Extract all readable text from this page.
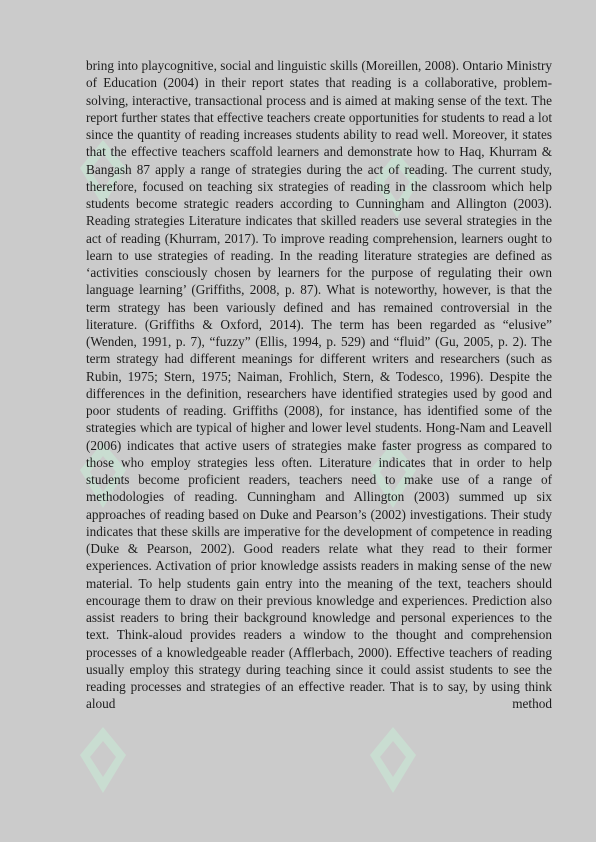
bring into playcognitive, social and linguistic skills (Moreillen, 2008). Ontario Ministry of Education (2004) in their report states that reading is a collaborative, problem-solving, interactive, transactional process and is aimed at making sense of the text. The report further states that effective teachers create opportunities for students to read a lot since the quantity of reading increases students ability to read well. Moreover, it states that the effective teachers scaffold learners and demonstrate how to Haq, Khurram & Bangash 87 apply a range of strategies during the act of reading. The current study, therefore, focused on teaching six strategies of reading in the classroom which help students become strategic readers according to Cunningham and Allington (2003). Reading strategies Literature indicates that skilled readers use several strategies in the act of reading (Khurram, 2017). To improve reading comprehension, learners ought to learn to use strategies of reading. In the reading literature strategies are defined as ‘activities consciously chosen by learners for the purpose of regulating their own language learning’ (Griffiths, 2008, p. 87). What is noteworthy, however, is that the term strategy has been variously defined and has remained controversial in the literature. (Griffiths & Oxford, 2014). The term has been regarded as “elusive” (Wenden, 1991, p. 7), “fuzzy” (Ellis, 1994, p. 529) and “fluid” (Gu, 2005, p. 2). The term strategy had different meanings for different writers and researchers (such as Rubin, 1975; Stern, 1975; Naiman, Frohlich, Stern, & Todesco, 1996). Despite the differences in the definition, researchers have identified strategies used by good and poor students of reading. Griffiths (2008), for instance, has identified some of the strategies which are typical of higher and lower level students. Hong-Nam and Leavell (2006) indicates that active users of strategies make faster progress as compared to those who employ strategies less often. Literature indicates that in order to help students become proficient readers, teachers need to make use of a range of methodologies of reading. Cunningham and Allington (2003) summed up six approaches of reading based on Duke and Pearson’s (2002) investigations. Their study indicates that these skills are imperative for the development of competence in reading (Duke & Pearson, 2002). Good readers relate what they read to their former experiences. Activation of prior knowledge assists readers in making sense of the new material. To help students gain entry into the meaning of the text, teachers should encourage them to draw on their previous knowledge and experiences. Prediction also assist readers to bring their background knowledge and personal experiences to the text. Think-aloud provides readers a window to the thought and comprehension processes of a knowledgeable reader (Afflerbach, 2000). Effective teachers of reading usually employ this strategy during teaching since it could assist students to see the reading processes and strategies of an effective reader. That is to say, by using think aloud method
